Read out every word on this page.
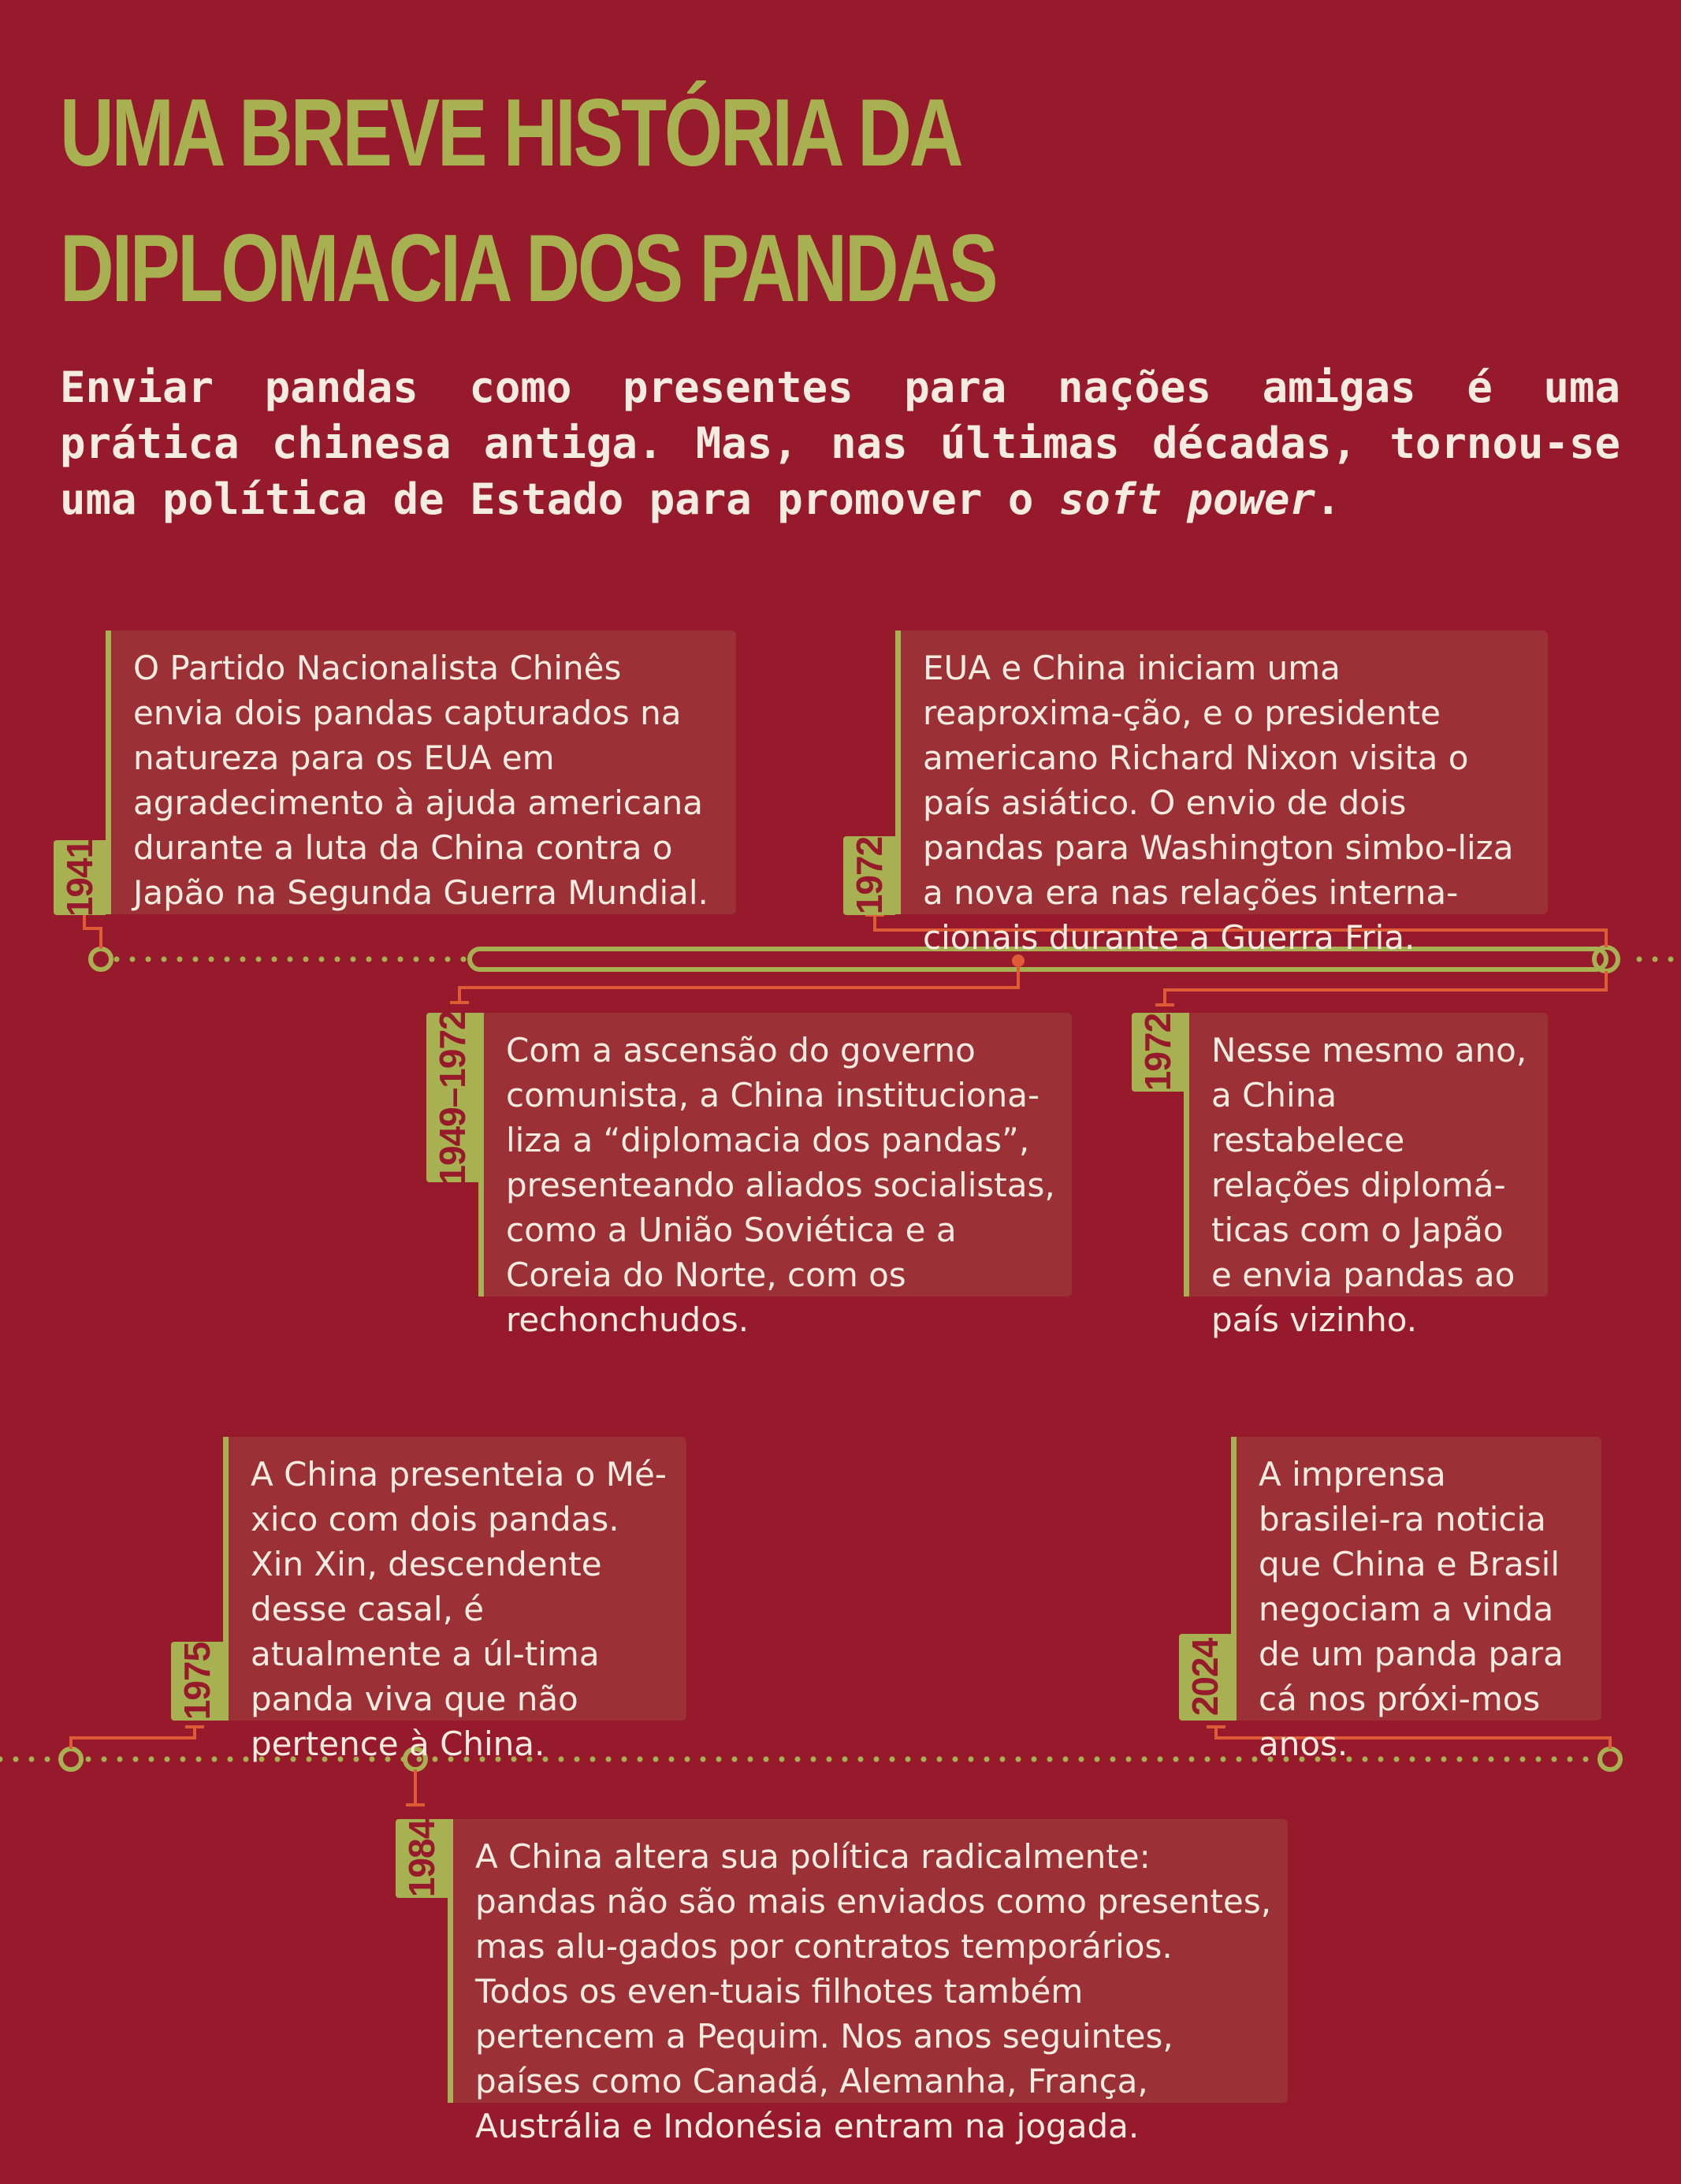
UMA BREVE HISTÓRIA DA
DIPLOMACIA DOS PANDAS

Enviar pandas como presentes para nações amigas é uma prática chinesa antiga. Mas, nas últimas décadas, tornou-se uma política de Estado para promover o soft power.

1941
O Partido Nacionalista Chinês envia dois pandas capturados na natureza para os EUA em agradecimento à ajuda americana durante a luta da China contra o Japão na Segunda Guerra Mundial.	1972
EUA e China iniciam uma reaproxima-ção, e o presidente americano Richard Nixon visita o país asiático. O envio de dois pandas para Washington simbo-liza a nova era nas relações interna-cionais durante a Guerra Fria.
1949–1972	Com a ascensão do governo comunista, a China instituciona-liza a “diplomacia dos pandas”, presenteando aliados socialistas, como a União Soviética e a Coreia do Norte, com os rechonchudos.
1972	Nesse mesmo ano, a China restabelece relações diplomá-ticas com o Japão e envia pandas ao país vizinho.
1975
A China presenteia o Mé-xico com dois pandas. Xin Xin, descendente desse casal, é atualmente a úl-tima panda viva que não pertence à China.
2024
A imprensa brasilei-ra noticia que China e Brasil negociam a vinda de um panda para cá nos próxi-mos anos.
1984	A China altera sua política radicalmente: pandas não são mais enviados como presentes, mas alu-gados por contratos temporários. Todos os even-tuais filhotes também pertencem a Pequim. Nos anos seguintes, países como Canadá, Alemanha, França, Austrália e Indonésia entram na jogada.
